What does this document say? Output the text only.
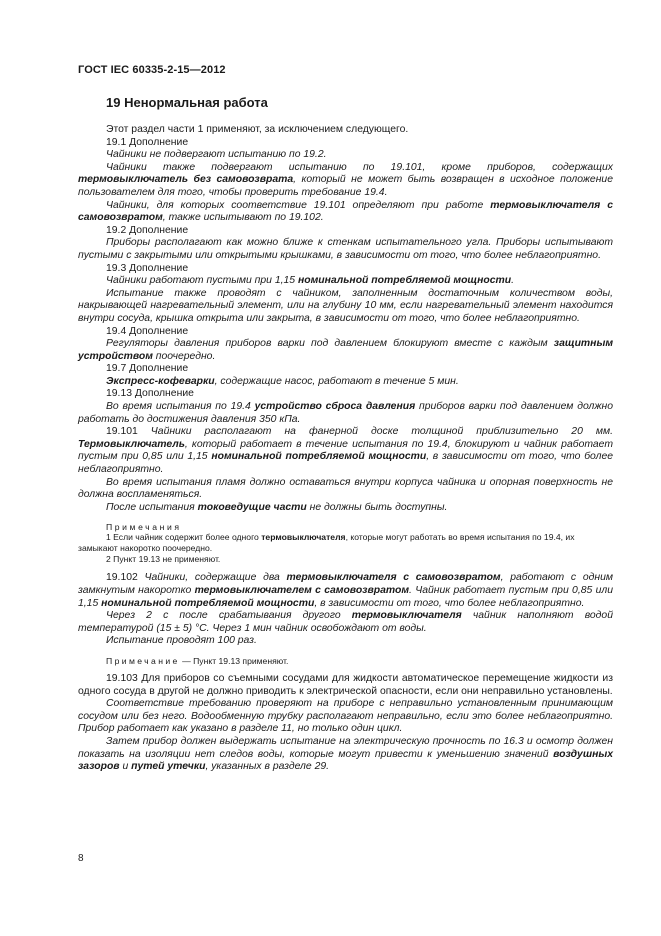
ГОСТ IEC 60335-2-15—2012
19 Ненормальная работа

Этот раздел части 1 применяют, за исключением следующего.

19.1 Дополнение

Чайники не подвергают испытанию по 19.2.

Чайники также подвергают испытанию по 19.101, кроме приборов, содержащих термовыключатель без самовозврата, который не может быть возвращен в исходное положение пользователем для того, чтобы проверить требование 19.4.

Чайники, для которых соответствие 19.101 определяют при работе термовыключателя с самовозвратом, также испытывают по 19.102.

19.2 Дополнение

Приборы располагают как можно ближе к стенкам испытательного угла. Приборы испытывают пустыми с закрытыми или открытыми крышками, в зависимости от того, что более неблагоприятно.

19.3 Дополнение

Чайники работают пустыми при 1,15 номинальной потребляемой мощности.

Испытание также проводят с чайником, заполненным достаточным количеством воды, накрывающей нагревательный элемент, или на глубину 10 мм, если нагревательный элемент находится внутри сосуда, крышка открыта или закрыта, в зависимости от того, что более неблагоприятно.

19.4 Дополнение

Регуляторы давления приборов варки под давлением блокируют вместе с каждым защитным устройством поочередно.

19.7 Дополнение

Экспресс-кофеварки, содержащие насос, работают в течение 5 мин.

19.13 Дополнение

Во время испытания по 19.4 устройство сброса давления приборов варки под давлением должно работать до достижения давления 350 кПа.

19.101 Чайники располагают на фанерной доске толщиной приблизительно 20 мм. Термовыключатель, который работает в течение испытания по 19.4, блокируют и чайник работает пустым при 0,85 или 1,15 номинальной потребляемой мощности, в зависимости от того, что более неблагоприятно.

Во время испытания пламя должно оставаться внутри корпуса чайника и опорная поверхность не должна воспламеняться.

После испытания токоведущие части не должны быть доступны.

Примечания

1 Если чайник содержит более одного термовыключателя, которые могут работать во время испытания по 19.4, их замыкают накоротко поочередно.

2 Пункт 19.13 не применяют.

19.102 Чайники, содержащие два термовыключателя с самовозвратом, работают с одним замкнутым накоротко термовыключателем с самовозвратом. Чайник работает пустым при 0,85 или 1,15 номинальной потребляемой мощности, в зависимости от того, что более неблагоприятно.

Через 2 с после срабатывания другого термовыключателя чайник наполняют водой температурой (15 ± 5) °С. Через 1 мин чайник освобождают от воды.

Испытание проводят 100 раз.

Примечание — Пункт 19.13 применяют.

19.103 Для приборов со съемными сосудами для жидкости автоматическое перемещение жидкости из одного сосуда в другой не должно приводить к электрической опасности, если они неправильно установлены.

Соответствие требованию проверяют на приборе с неправильно установленным принимающим сосудом или без него. Водообменную трубку располагают неправильно, если это более неблагоприятно. Прибор работает как указано в разделе 11, но только один цикл.

Затем прибор должен выдержать испытание на электрическую прочность по 16.3 и осмотр должен показать на изоляции нет следов воды, которые могут привести к уменьшению значений воздушных зазоров и путей утечки, указанных в разделе 29.

8
